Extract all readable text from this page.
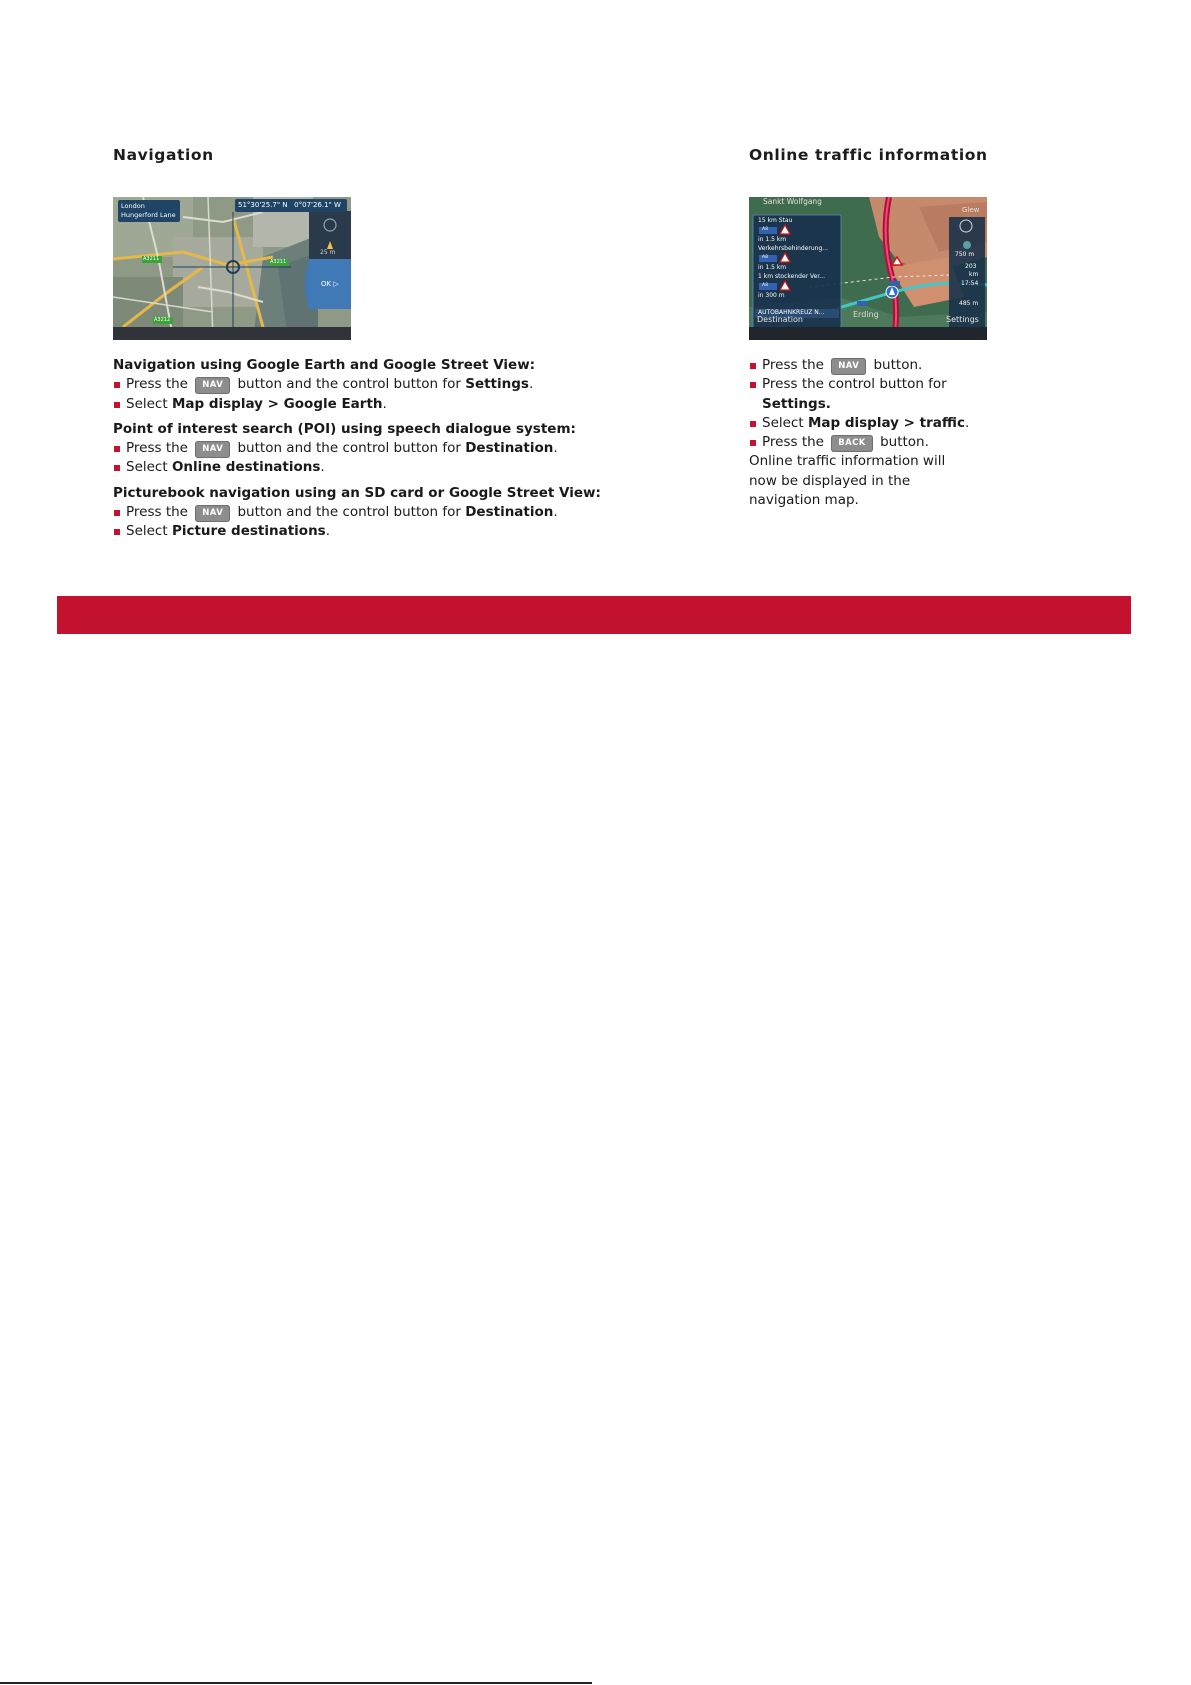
Navigation
London
Hungerford Lane
51°30'25.7" N   0°07'26.1" W
A3211	A3211
A3212
25 m
OK ▷

Navigation using Google Earth and Google Street View:

Press the NAV button and the control button for Settings.

Select Map display > Google Earth.

Point of interest search (POI) using speech dialogue system:

Press the NAV button and the control button for Destination.

Select Online destinations.

Picturebook navigation using an SD card or Google Street View:

Press the NAV button and the control button for Destination.

Select Picture destinations.

Online traffic information
Sankt Wolfgang
Glew
15 km Stau
A8
in 1.5 km
Verkehrsbehinderung...
A8
in 1.5 km
1 km stockender Ver...
A8
in 300 m
AUTOBAHNKREUZ N...
750 m
203
km
17:54
485 m
Destination
Erding
Settings

Press the NAV button.

Press the control button for
Settings.

Select Map display > traffic.

Press the BACK button.

Online traffic information will now be displayed in the navigation map.
